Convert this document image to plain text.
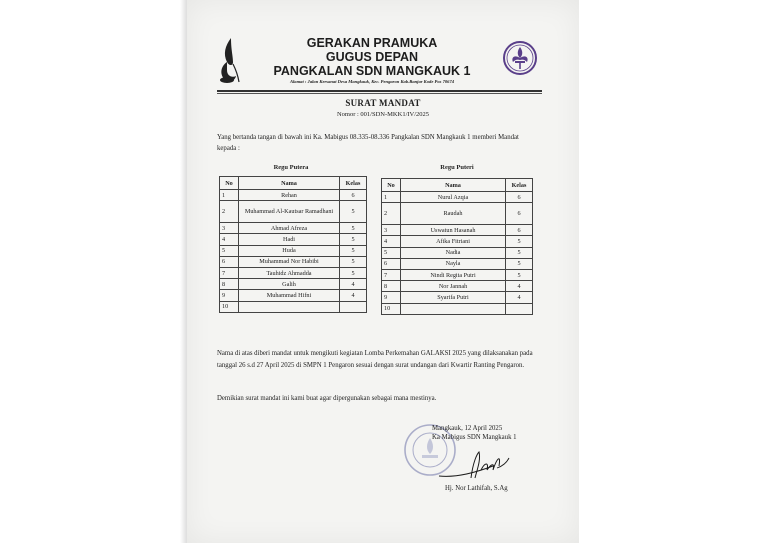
GERAKAN PRAMUKA
GUGUS DEPAN
PANGKALAN SDN MANGKAUK 1
Alamat : Jalan Kersanat Desa Mangkauk, Kec. Pengaron Kab.Banjar Kode Pos 70674
SURAT MANDAT
Nomor : 001/SDN-MKK1/IV/2025
Yang bertanda tangan di bawah ini Ka. Mabigus 08.335-08.336 Pangkalan SDN Mangkauk 1 memberi Mandat kepada :
Regu Putera
No	Nama	Kelas
1	Rehan	6
2	Muhammad Al-Kautsar Ramadhani	5
3	Ahmad Afreza	5
4	Hadi	5
5	Huda	5
6	Muhammad Nor Habibi	5
7	Tauhidz Ahmadda	5
8	Galih	4
9	Muhammad Hifni	4
10		
Regu Puteri
No	Nama	Kelas
1	Nurul Azqia	6
2	Raudah	6
3	Uswatun Hasanah	6
4	Afika Fitriani	5
5	Nadia	5
6	Nayla	5
7	Nindi Regita Putri	5
8	Nor Jannah	4
9	Syarifa Putri	4
10		
Nama di atas diberi mandat untuk mengikuti kegiatan Lomba Perkemahan GALAKSI 2025 yang dilaksanakan pada tanggal 26 s.d 27 April 2025 di SMPN 1 Pengaron sesuai dengan surat undangan dari Kwartir Ranting Pengaron.
Demikian surat mandat ini kami buat agar dipergunakan sebagai mana mestinya.
Mangkauk, 12 April 2025
Ka Mabigus SDN Mangkauk 1
Hj. Nor Lathifah, S.Ag
